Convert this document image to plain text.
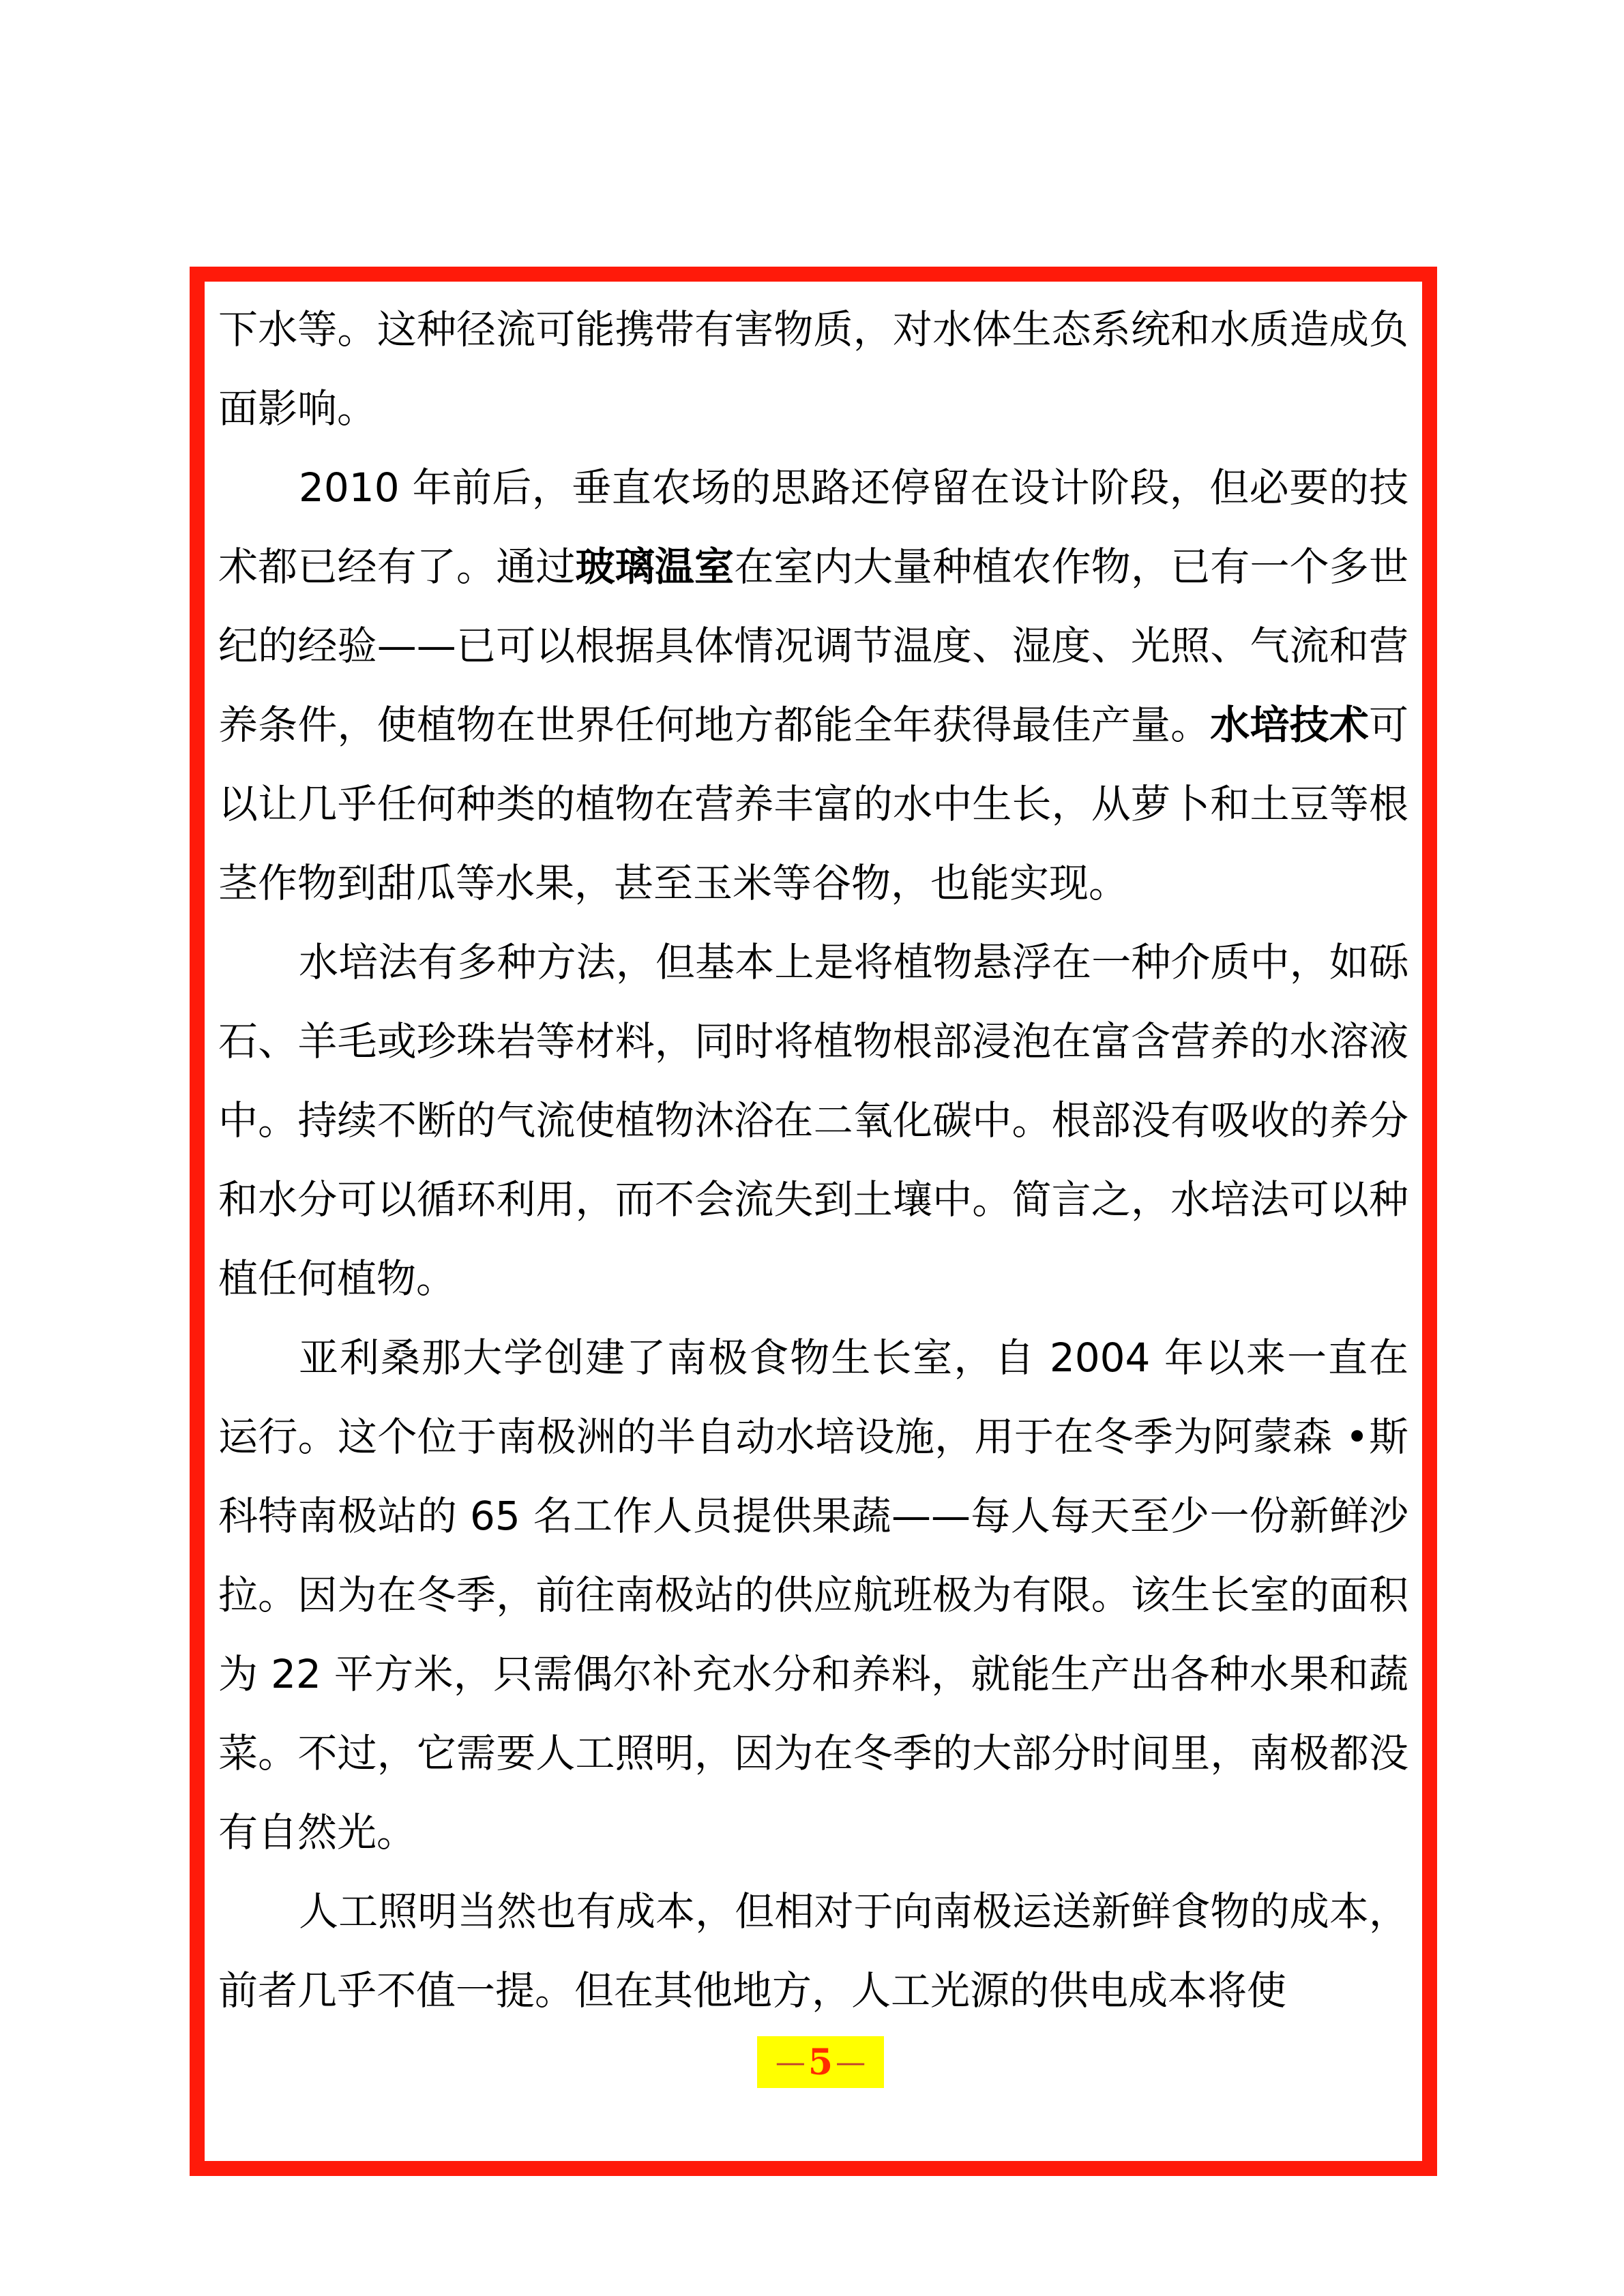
下水等。这种径流可能携带有害物质，对水体生态系统和水质造成负面影响。

2010 年前后，垂直农场的思路还停留在设计阶段，但必要的技术都已经有了。通过玻璃温室在室内大量种植农作物，已有一个多世纪的经验——已可以根据具体情况调节温度、湿度、光照、气流和营养条件，使植物在世界任何地方都能全年获得最佳产量。水培技术可以让几乎任何种类的植物在营养丰富的水中生长，从萝卜和土豆等根茎作物到甜瓜等水果，甚至玉米等谷物，也能实现。

水培法有多种方法，但基本上是将植物悬浮在一种介质中，如砾石、羊毛或珍珠岩等材料，同时将植物根部浸泡在富含营养的水溶液中。持续不断的气流使植物沐浴在二氧化碳中。根部没有吸收的养分和水分可以循环利用，而不会流失到土壤中。简言之，水培法可以种植任何植物。

亚利桑那大学创建了南极食物生长室，自 2004 年以来一直在运行。这个位于南极洲的半自动水培设施，用于在冬季为阿蒙森 •斯科特南极站的 65 名工作人员提供果蔬——每人每天至少一份新鲜沙拉。因为在冬季，前往南极站的供应航班极为有限。该生长室的面积为 22 平方米，只需偶尔补充水分和养料，就能生产出各种水果和蔬菜。不过，它需要人工照明，因为在冬季的大部分时间里，南极都没有自然光。

人工照明当然也有成本，但相对于向南极运送新鲜食物的成本，前者几乎不值一提。但在其他地方，人工光源的供电成本将使

— 5 —
